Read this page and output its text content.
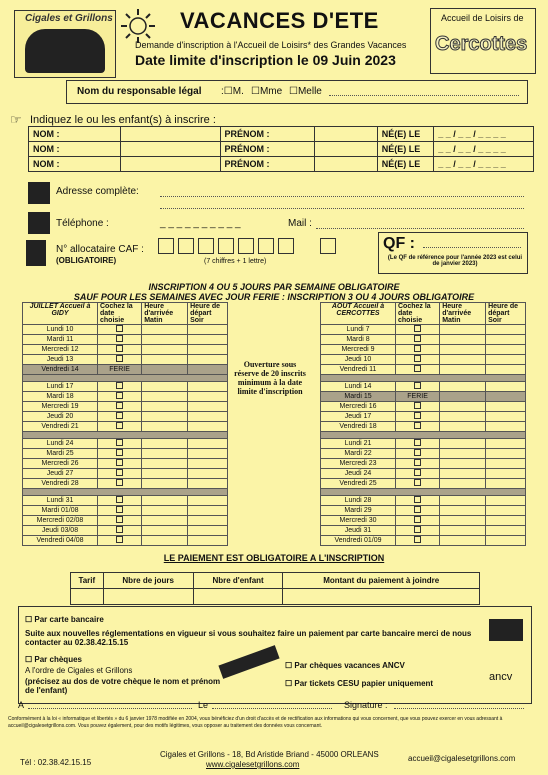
Cigales et Grillons	VACANCES D'ETE
Demande d'inscription à l'Accueil de Loisirs* des Grandes Vacances
Date limite d'inscription le 09 Juin 2023
Accueil de Loisirs de
Cercottes
Nom du responsable légal :☐M. ☐Mme ☐Melle
☞ Indiquez le ou les enfant(s) à inscrire :
NOM :		PRÉNOM :		NÉ(E) LE	_ _ / _ _ / _ _ _ _
NOM :		PRÉNOM :		NÉ(E) LE	_ _ / _ _ / _ _ _ _
NOM :		PRÉNOM :		NÉ(E) LE	_ _ / _ _ / _ _ _ _
Adresse complète:
Téléphone :	_ _ _ _ _ _ _ _ _ _	Mail :
N° allocataire CAF :
(OBLIGATOIRE)	(7 chiffres + 1 lettre)
QF :
(Le QF de référence pour l'année 2023 est celui de janvier 2023)
INSCRIPTION 4 OU 5 JOURS PAR SEMAINE OBLIGATOIRE
SAUF POUR LES SEMAINES AVEC JOUR FERIE : INSCRIPTION 3 OU 4 JOURS OBLIGATOIRE
JUILLET Accueil à GIDY	Cochez la date choisie	Heure d'arrivée Matin	Heure de départ Soir
Lundi 10			
Mardi 11			
Mercredi 12			
Jeudi 13			
Vendredi 14	FERIE		

Lundi 17			
Mardi 18			
Mercredi 19			
Jeudi 20			
Vendredi 21			

Lundi 24			
Mardi 25			
Mercredi 26			
Jeudi 27			
Vendredi 28			

Lundi 31			
Mardi 01/08			
Mercredi 02/08			
Jeudi 03/08			
Vendredi 04/08			
Ouverture sous réserve de 20 inscrits minimum à la date limite d'inscription
AOUT Accueil à CERCOTTES	Cochez la date choisie	Heure d'arrivée Matin	Heure de départ Soir
Lundi 7			
Mardi 8			
Mercredi 9			
Jeudi 10			
Vendredi 11			

Lundi 14			
Mardi 15	FERIE		
Mercredi 16			
Jeudi 17			
Vendredi 18			

Lundi 21			
Mardi 22			
Mercredi 23			
Jeudi 24			
Vendredi 25			

Lundi 28			
Mardi 29			
Mercredi 30			
Jeudi 31			
Vendredi 01/09			
LE PAIEMENT EST OBLIGATOIRE A L'INSCRIPTION
Tarif	Nbre de jours	Nbre d'enfant	Montant du paiement à joindre

☐ Par carte bancaire
Suite aux nouvelles réglementations en vigueur si vous souhaitez faire un paiement par carte bancaire merci de nous contacter au 02.38.42.15.15
☐ Par chèques
A l'ordre de Cigales et Grillons
(précisez au dos de votre chèque le nom et prénom de l'enfant)
☐ Par chèques vacances ANCV
☐ Par tickets CESU papier uniquement
ancv
A	Le	Signature :
Conformément à la loi « informatique et libertés » du 6 janvier 1978 modifiée en 2004, vous bénéficiez d'un droit d'accès et de rectification aux informations qui vous concernent, que vous pouvez exercer en vous adressant à accueil@cigalesetgrillons.com. Vous pouvez également, pour des motifs légitimes, vous opposer au traitement des données vous concernant.
Tél : 02.38.42.15.15
Cigales et Grillons - 18, Bd Aristide Briand - 45000 ORLEANS
www.cigalesetgrillons.com
accueil@cigalesetgrillons.com
